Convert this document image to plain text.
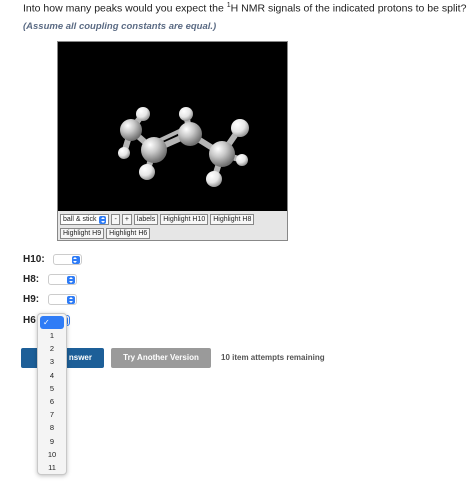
Into how many peaks would you expect the $^1$H NMR signals of the indicated protons to be split?
(Assume all coupling constants are equal.)
ball & stick	-	+	labels	Highlight H10	Highlight H8
Highlight H9	Highlight H6
H10:
H8:
H9:
H6
nswer	Try Another Version	10 item attempts remaining
✓
1
2
3
4
5
6
7
8
9
10
11
